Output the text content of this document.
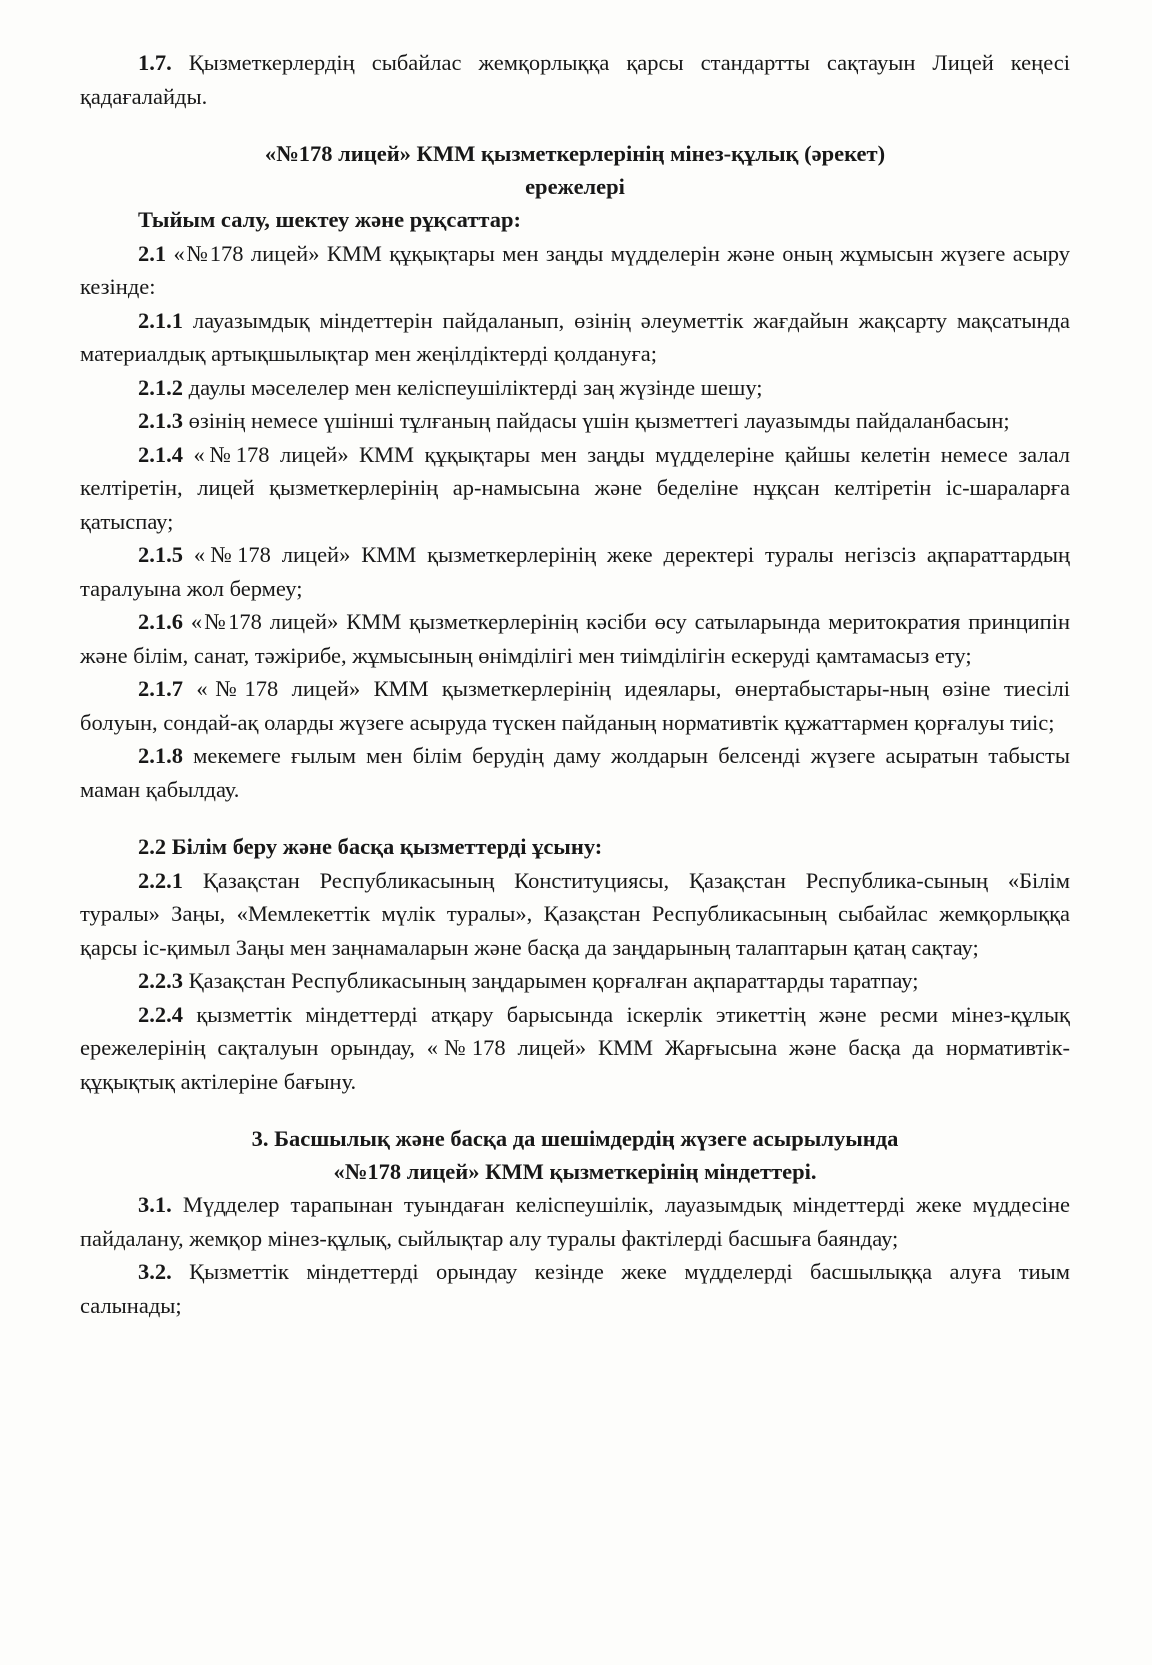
1.7. Қызметкерлердің сыбайлас жемқорлыққа қарсы стандартты сақтауын Лицей кеңесі қадағалайды.

«№178 лицей» КММ қызметкерлерінің мінез-құлық (әрекет)

ережелері

Тыйым салу, шектеу және рұқсаттар:

2.1 «№178 лицей» КММ құқықтары мен заңды мүдделерін және оның жұмысын жүзеге асыру кезінде:

2.1.1 лауазымдық міндеттерін пайдаланып, өзінің әлеуметтік жағдайын жақсарту мақсатында материалдық артықшылықтар мен жеңілдіктерді қолдануға;

2.1.2 даулы мәселелер мен келіспеушіліктерді заң жүзінде шешу;

2.1.3 өзінің немесе үшінші тұлғаның пайдасы үшін қызметтегі лауазымды пайдаланбасын;

2.1.4 «№178 лицей» КММ құқықтары мен заңды мүдделеріне қайшы келетін немесе залал келтіретін, лицей қызметкерлерінің ар-намысына және беделіне нұқсан келтіретін іс-шараларға қатыспау;

2.1.5 «№178 лицей» КММ қызметкерлерінің жеке деректері туралы негізсіз ақпараттардың таралуына жол бермеу;

2.1.6 «№178 лицей» КММ қызметкерлерінің кәсіби өсу сатыларында меритократия принципін және білім, санат, тәжірибе, жұмысының өнімділігі мен тиімділігін ескеруді қамтамасыз ету;

2.1.7 «№178 лицей» КММ қызметкерлерінің идеялары, өнертабыстары-ның өзіне тиесілі болуын, сондай-ақ оларды жүзеге асыруда түскен пайданың нормативтік құжаттармен қорғалуы тиіс;

2.1.8 мекемеге ғылым мен білім берудің даму жолдарын белсенді жүзеге асыратын табысты маман қабылдау.

2.2 Білім беру және басқа қызметтерді ұсыну:

2.2.1 Қазақстан Республикасының Конституциясы, Қазақстан Республика-сының «Білім туралы» Заңы, «Мемлекеттік мүлік туралы», Қазақстан Республикасының сыбайлас жемқорлыққа қарсы іс-қимыл Заңы мен заңнамаларын және басқа да заңдарының талаптарын қатаң сақтау;

2.2.3 Қазақстан Республикасының заңдарымен қорғалған ақпараттарды таратпау;

2.2.4 қызметтік міндеттерді атқару барысында іскерлік этикеттің және ресми мінез-құлық ережелерінің сақталуын орындау, «№178 лицей» КММ Жарғысына және басқа да нормативтік-құқықтық актілеріне бағыну.

3. Басшылық және басқа да шешімдердің жүзеге асырылуында

«№178 лицей» КММ қызметкерінің міндеттері.

3.1. Мүдделер тарапынан туындаған келіспеушілік, лауазымдық міндеттерді жеке мүддесіне пайдалану, жемқор мінез-құлық, сыйлықтар алу туралы фактілерді басшыға баяндау;

3.2. Қызметтік міндеттерді орындау кезінде жеке мүдделерді басшылыққа алуға тиым салынады;
